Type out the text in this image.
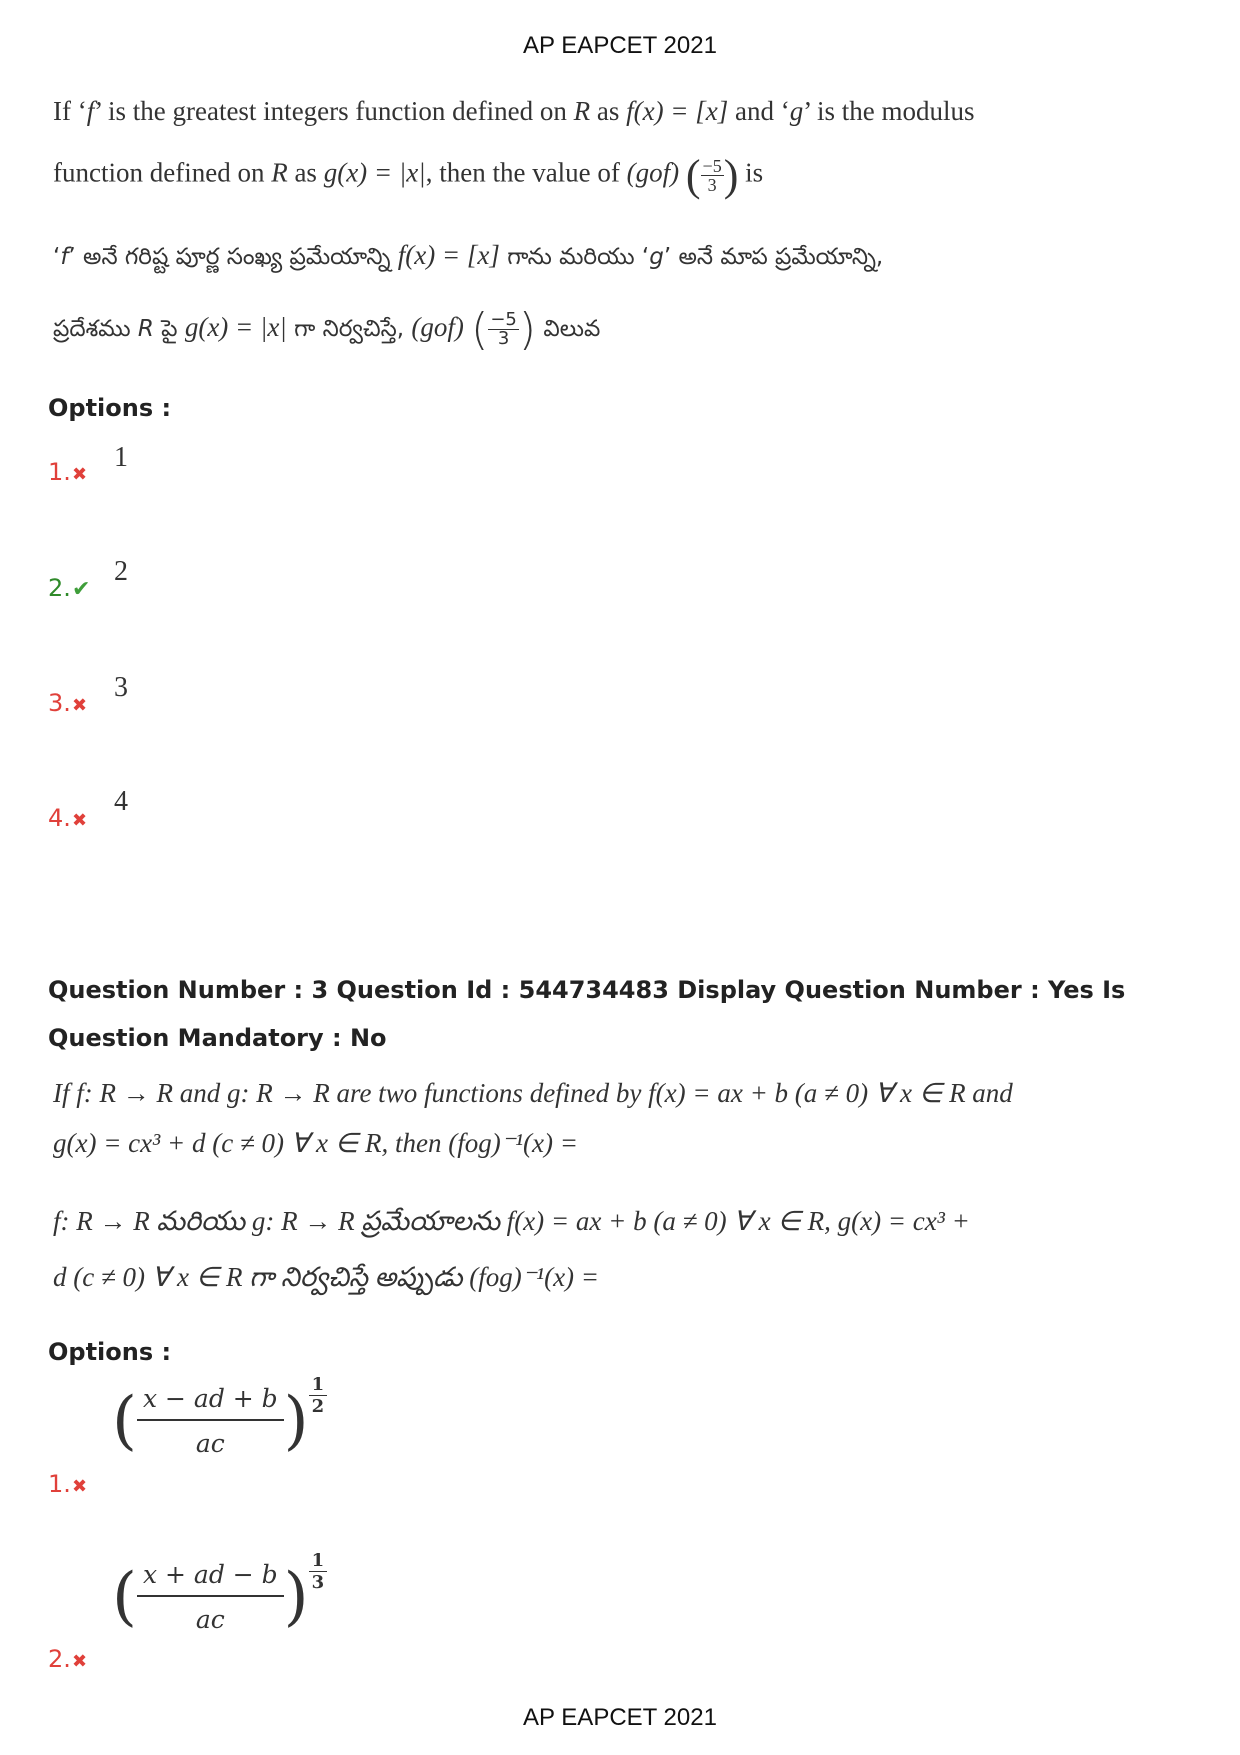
AP EAPCET 2021
If ‘f’ is the greatest integers function defined on R as f(x) = [x] and ‘g’ is the modulus
function defined on R as g(x) = |x|, then the value of (gof) ( $\frac{-5}{3}$ ) is
‘f’ అనే గరిష్ట పూర్ణ సంఖ్య ప్రమేయాన్ని f(x) = [x] గాను మరియు ‘g’ అనే మాప ప్రమేయాన్ని,
ప్రదేశము R పై g(x) = |x| గా నిర్వచిస్తే, (gof) ( $\frac{-5}{3}$ ) విలువ
Options :
1.✖
1
2.✔
2
3.✖
3
4.✖
4
Question Number : 3 Question Id : 544734483 Display Question Number : Yes Is Question Mandatory : No
If f: R → R and g: R → R are two functions defined by f(x) = ax + b (a ≠ 0) ∀ x ∈ R and
g(x) = cx³ + d (c ≠ 0) ∀ x ∈ R, then (fog)⁻¹(x) =
f: R → R మరియు g: R → R ప్రమేయాలను f(x) = ax + b (a ≠ 0) ∀ x ∈ R, g(x) = cx³ +
d (c ≠ 0) ∀ x ∈ R గా నిర్వచిస్తే అప్పుడు (fog)⁻¹(x) =
Options :
1.✖
( $\frac{x - ad + b}{ac}$ ) $\frac{1}{2}$
2.✖
( $\frac{x + ad - b}{ac}$ ) $\frac{1}{3}$
AP EAPCET 2021
